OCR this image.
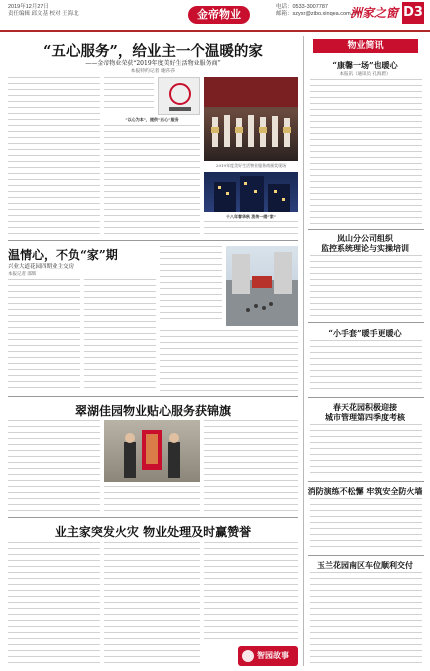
2019年12月27日
责任编辑 邱文基 校对 王海北	金帝物业
电话：0533-3007787
邮箱：szyxr@zibo.xinqea.com.cn
洲家之窗 D3
“五心服务”，给业主一个温暖的家
——金帝物业荣获“2019年度美好生活物业服务商”
本报特约记者 谢莎莎
“以心为本”，提供“五心”服务
2019年度美好生活物业服务商颁奖现场
十八年春华秋 流传一缕“家”
温情心，不负“家”期
兴业大道花园四期业主交房
本报记者 邵辉
翠湖佳园物业贴心服务获锦旗
业主家突发火灾 物业处理及时赢赞誉
智园故事
物业简讯
“康馨一场”也暖心
本报讯（通讯员 孔海碧）
岚山分公司组织
监控系统理论与实操培训
“小手套”暖手更暖心
春天花园积极迎接
城市管理第四季度考核
消防演练不松懈 牢筑安全防火墙
玉兰花园南区车位顺利交付
